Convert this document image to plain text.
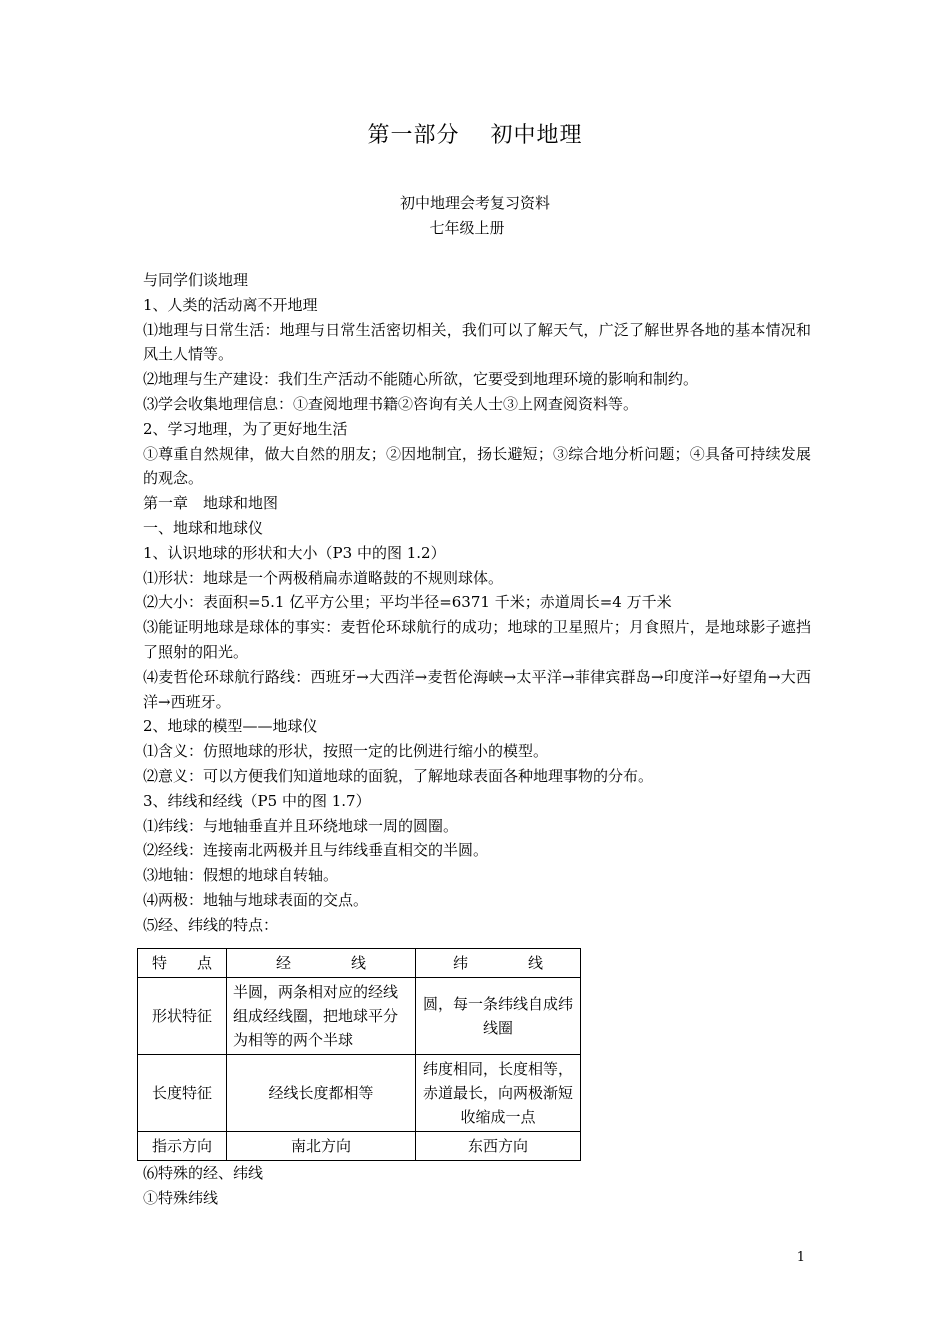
第一部分　 初中地理
初中地理会考复习资料
七年级上册

与同学们谈地理

1、人类的活动离不开地理

⑴地理与日常生活：地理与日常生活密切相关，我们可以了解天气，广泛了解世界各地的基本情况和风土人情等。

⑵地理与生产建设：我们生产活动不能随心所欲，它要受到地理环境的影响和制约。

⑶学会收集地理信息：①查阅地理书籍②咨询有关人士③上网查阅资料等。

2、学习地理，为了更好地生活

①尊重自然规律，做大自然的朋友；②因地制宜，扬长避短；③综合地分析问题；④具备可持续发展的观念。

第一章　地球和地图

一、地球和地球仪

1、认识地球的形状和大小（P3 中的图 1.2）

⑴形状：地球是一个两极稍扁赤道略鼓的不规则球体。

⑵大小：表面积=5.1 亿平方公里；平均半径=6371 千米；赤道周长=4 万千米

⑶能证明地球是球体的事实：麦哲伦环球航行的成功；地球的卫星照片；月食照片，是地球影子遮挡了照射的阳光。

⑷麦哲伦环球航行路线：西班牙→大西洋→麦哲伦海峡→太平洋→菲律宾群岛→印度洋→好望角→大西洋→西班牙。

2、地球的模型——地球仪

⑴含义：仿照地球的形状，按照一定的比例进行缩小的模型。

⑵意义：可以方便我们知道地球的面貌，了解地球表面各种地理事物的分布。

3、纬线和经线（P5 中的图 1.7）

⑴纬线：与地轴垂直并且环绕地球一周的圆圈。

⑵经线：连接南北两极并且与纬线垂直相交的半圆。

⑶地轴：假想的地球自转轴。

⑷两极：地轴与地球表面的交点。

⑸经、纬线的特点：

特　　点	经　　　　线	纬　　　　线
形状特征	半圆，两条相对应的经线组成经线圈，把地球平分为相等的两个半球	圆，每一条纬线自成纬线圈
长度特征	经线长度都相等	纬度相同，长度相等，赤道最长，向两极渐短收缩成一点
指示方向	南北方向	东西方向

⑹特殊的经、纬线

①特殊纬线

1
